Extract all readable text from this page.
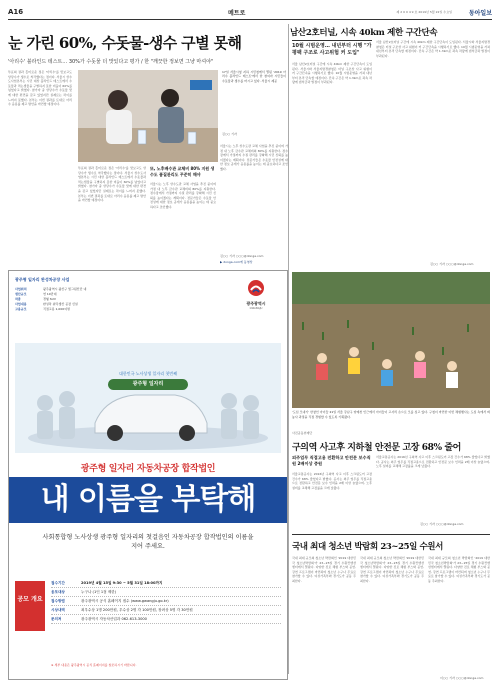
A16	메트로	제 2 0 0 4 9 호 2019년 5월 22일 수요일	동아일보
눈 가린 60%, 수돗물-생수 구별 못해
'아리수' 블라인드 테스트… 30%가 수돗물 더 맛있다고 평가 / 한 "깨끗한 정보면 그냥 마셔야"
투표의 결과 흥미로운 점은 '아리수'를 맛보고도 상당수가 생수로 착각했다는 점이다. 서울시 상수도사업본부는 시민 대상 블라인드 테스트에서 수돗물과 먹는샘물을 구별하지 못한 비율이 60%를 넘었다고 밝혔다. 참가자 중 상당수가 수돗물 맛에 대한 편견을 갖고 있었지만 실제로는 차이를 느끼지 못했다. 본부는 이번 결과를 토대로 아리수 음용률 제고 방안을 마련할 예정이다.
17일 서울시청 지하 시민청에서 열린 '2019 아리수 블라인드 테스트'에서 한 참여자 시민들이 수돗물과 생수를 마시고 있다. 서울시 제공
김○○ 기자
투표의 결과 흥미로운 점은 '아리수'를 맛보고도 상당수가 생수로 착각했다는 점이다. 서울시 상수도사업본부는 시민 대상 블라인드 테스트에서 수돗물과 먹는샘물을 구별하지 못한 비율이 60%를 넘었다고 밝혔다. 참가자 중 상당수가 수돗물 맛에 대한 편견을 갖고 있었지만 실제로는 차이를 느끼지 못했다. 본부는 이번 결과를 토대로 아리수 음용률 제고 방안을 마련할 예정이다.
또, 노후배수관 교체비 80% 지원 생수도 품질관리도 꾸준히 해야
서울시는 노후 상수도관 교체 사업을 추진 중이며 가정 내 노후 급수관 교체비의 80%를 지원한다. 정수장에서 가정까지 수질 관리를 강화해 시민 신뢰를 높이겠다는 계획이다. 전문가들은 수돗물 안전성에 대한 정보 공개가 음용률을 높이는 데 중요하다고 조언했다.
서울시는 노후 상수도관 교체 사업을 추진 중이며 가정 내 노후 급수관 교체비의 80%를 지원한다. 정수장에서 가정까지 수질 관리를 강화해 시민 신뢰를 높이겠다는 계획이다. 전문가들은 수돗물 안전성에 대한 정보 공개가 음용률을 높이는 데 중요하다고 조언했다.
김○○ 기자 ○○○@donga.com
▶ donga.com에 동영상
남산2호터널, 시속 40km 제한 구간단속
10월 시범운영… 내년부터 시행 "가평팩 구조로 사고위험 커 도입"
서울 남산2호터널 구간에 시속 40km 제한 구간단속이 도입된다. 서울시와 서울지방경찰청은 터널 구조상 사고 위험이 커 구간단속을 시행하기로 했다. 10월 시범운영을 거쳐 내년부터 본격 단속할 예정이다. 단속 구간은 약 1.3km로 과속 차량에 범칙금과 벌점이 부과된다.
서울 남산2호터널 구간에 시속 40km 제한 구간단속이 도입된다. 서울시와 서울지방경찰청은 터널 구조상 사고 위험이 커 구간단속을 시행하기로 했다. 10월 시범운영을 거쳐 내년부터 본격 단속할 예정이다. 단속 구간은 약 1.3km로 과속 차량에 범칙금과 벌점이 부과된다.
김○○ 기자 ○○○@donga.com
'도심 모내기' 한창인 아이들 21일 서울 강남구 양재천 인근에서 아이들이 고사리 손으로 모를 심고 있다. 구청이 마련한 이번 체험행사는 도심 속에서 벼농사 과정을 직접 경험할 수 있도록 기획됐다.
사진공동취재단
구의역 사고후 지하철 안전문 고장 68% 줄어
외주업무 직접고용 전환하고 안전문 보수직원 2배이상 증원
서울교통공사는 2016년 구의역 사고 이후 스크린도어 고장 건수가 68% 줄었다고 밝혔다. 공사는 외주 업무를 직접고용으로 전환하고 안전문 보수 인력을 2배 이상 늘렸으며, 노후 설비를 교체해 고장률을 크게 낮췄다.
서울교통공사는 2016년 구의역 사고 이후 스크린도어 고장 건수가 68% 줄었다고 밝혔다. 공사는 외주 업무를 직접고용으로 전환하고 안전문 보수 인력을 2배 이상 늘렸으며, 노후 설비를 교체해 고장률을 크게 낮췄다.
김○○ 기자 ○○○@donga.com
국내 최대 청소년 박람회 23~25일 수원서
국내 최대 규모의 청소년 박람회인 '2019 대한민국 청소년박람회'가 23~25일 경기 수원컨벤션센터에서 열린다. 다양한 진로 체험 부스와 공연, 강연 프로그램이 마련되며 청소년 누구나 무료로 참가할 수 있다. 여성가족부와 경기도가 공동 주최한다.
국내 최대 규모의 청소년 박람회인 '2019 대한민국 청소년박람회'가 23~25일 경기 수원컨벤션센터에서 열린다. 다양한 진로 체험 부스와 공연, 강연 프로그램이 마련되며 청소년 누구나 무료로 참가할 수 있다. 여성가족부와 경기도가 공동 주최한다.
국내 최대 규모의 청소년 박람회인 '2019 대한민국 청소년박람회'가 23~25일 경기 수원컨벤션센터에서 열린다. 다양한 진로 체험 부스와 공연, 강연 프로그램이 마련되며 청소년 누구나 무료로 참가할 수 있다. 여성가족부와 경기도가 공동 주최한다.
이○○ 기자 ○○○@donga.com
광주형 일자리 완성차공장 사업
사업위치	광주광역시 광산구 빛그린산단 내
생산규모	연 10만대
차종	경형 SUV
사업내용	완성차 위탁생산 공장 신설
고용규모	직접고용 1,000여명
광주광역시
GWANGJU
대한민국 노사상생 일자리 첫번째
광주형 일자리
광주형 일자리 자동차공장 합작법인
내 이름을 부탁해
사회통합형 노사상생 광주형 일자리의 첫걸음인 자동차공장 합작법인의 이름을 지어 주세요.
공모 개요
접수기간	2019년 4월 15일 9:30 ~ 5월 31일 18:00까지
응모대상	누구나 (1인 1점 제한)
접수방법	광주광역시 공식 홈페이지 접수 (www.gwangju.go.kr)
시상내역	최우수상 1명 200만원, 우수상 2명 각 100만원, 장려상 5명 각 30만원
문의처	광주광역시 자동차산업과 062-613-3000
※ 세부 내용은 광주광역시 공식 홈페이지를 참조하시기 바랍니다.
